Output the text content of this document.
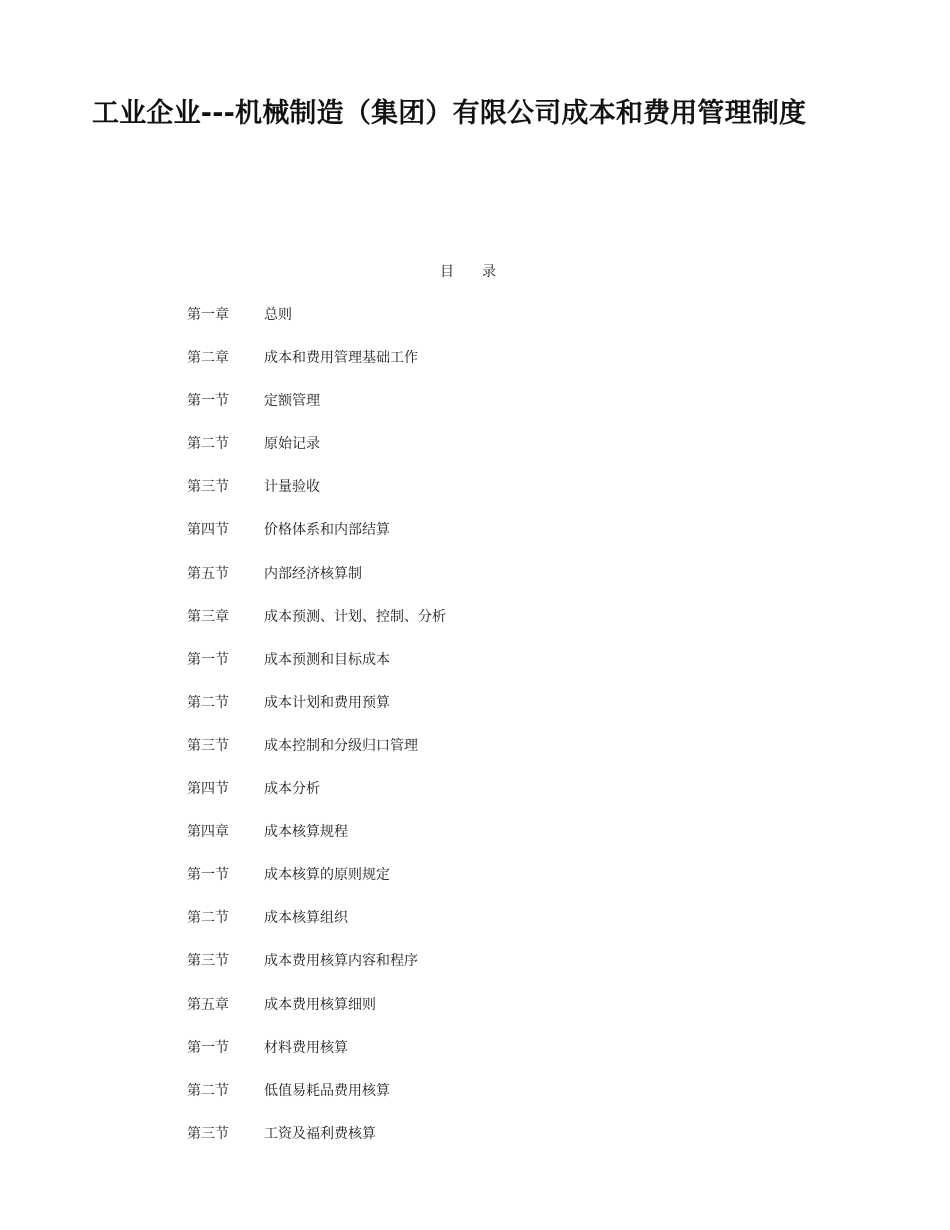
工业企业---机械制造（集团）有限公司成本和费用管理制度
目　　录
第一章	总则
第二章	成本和费用管理基础工作
第一节	定额管理
第二节	原始记录
第三节	计量验收
第四节	价格体系和内部结算
第五节	内部经济核算制
第三章	成本预测、计划、控制、分析
第一节	成本预测和目标成本
第二节	成本计划和费用预算
第三节	成本控制和分级归口管理
第四节	成本分析
第四章	成本核算规程
第一节	成本核算的原则规定
第二节	成本核算组织
第三节	成本费用核算内容和程序
第五章	成本费用核算细则
第一节	材料费用核算
第二节	低值易耗品费用核算
第三节	工资及福利费核算
